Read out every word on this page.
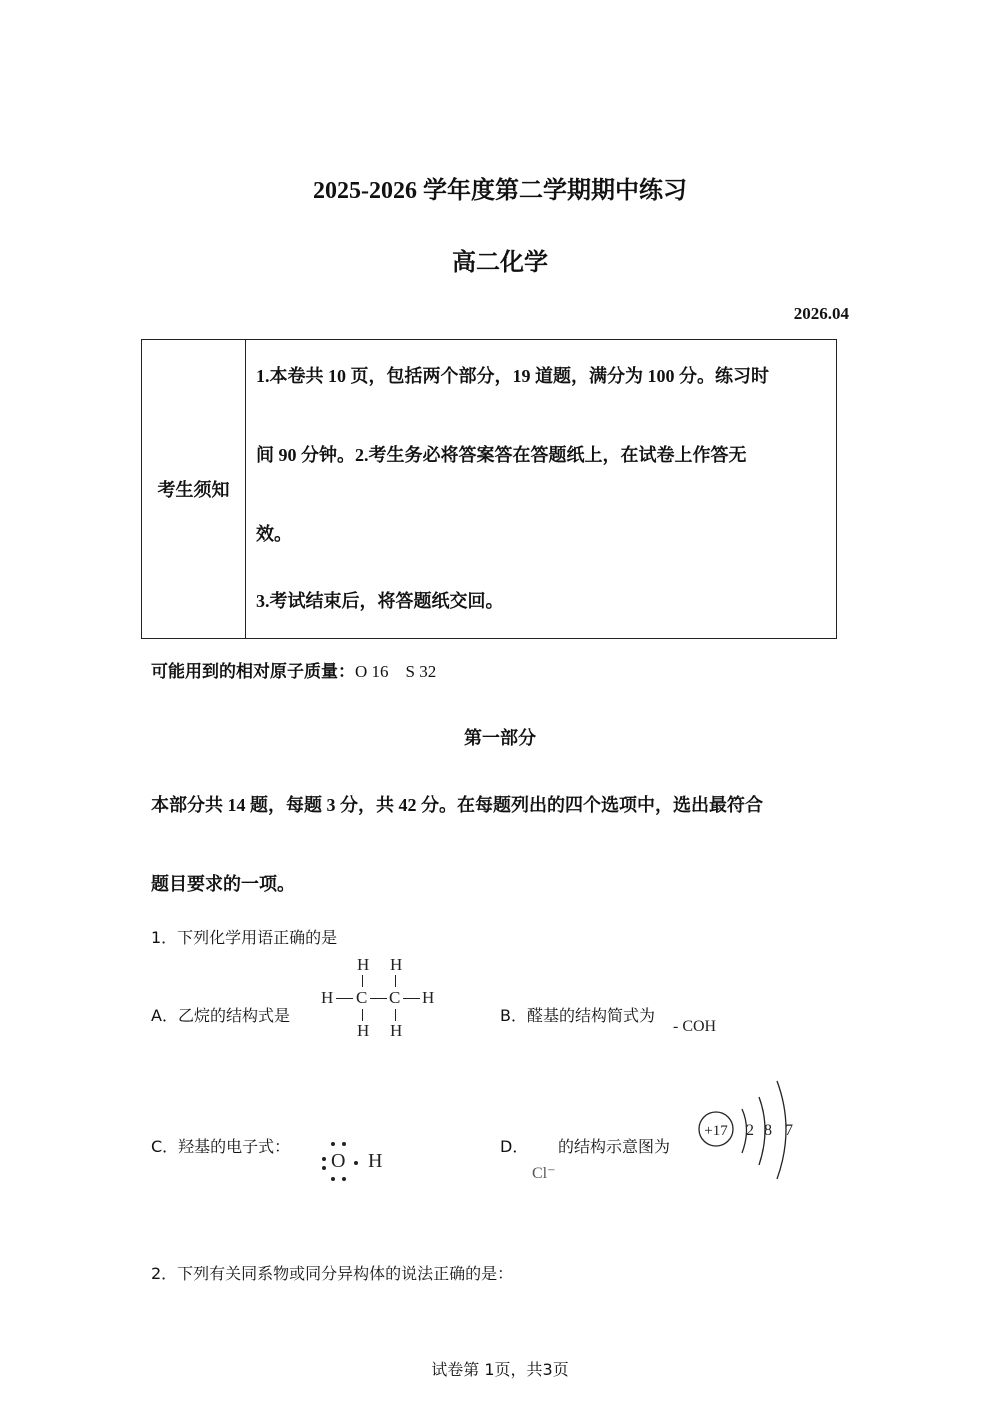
2025-2026 学年度第二学期期中练习
高二化学
2026.04
考生须知
1.本卷共 10 页，包括两个部分，19 道题，满分为 100 分。练习时
间 90 分钟。2.考生务必将答案答在答题纸上，在试卷上作答无
效。
3.考试结束后，将答题纸交回。
可能用到的相对原子质量：O 16    S 32
第一部分
本部分共 14 题，每题 3 分，共 42 分。在每题列出的四个选项中，选出最符合
题目要求的一项。
1．下列化学用语正确的是
A．乙烷的结构式是
H H
H C C H
H H
B．醛基的结构简式为
- COH
C．羟基的电子式：
O H
D． 的结构示意图为
Cl⁻
+17 2 8 7
2．下列有关同系物或同分异构体的说法正确的是：
试卷第 1页，共3页
